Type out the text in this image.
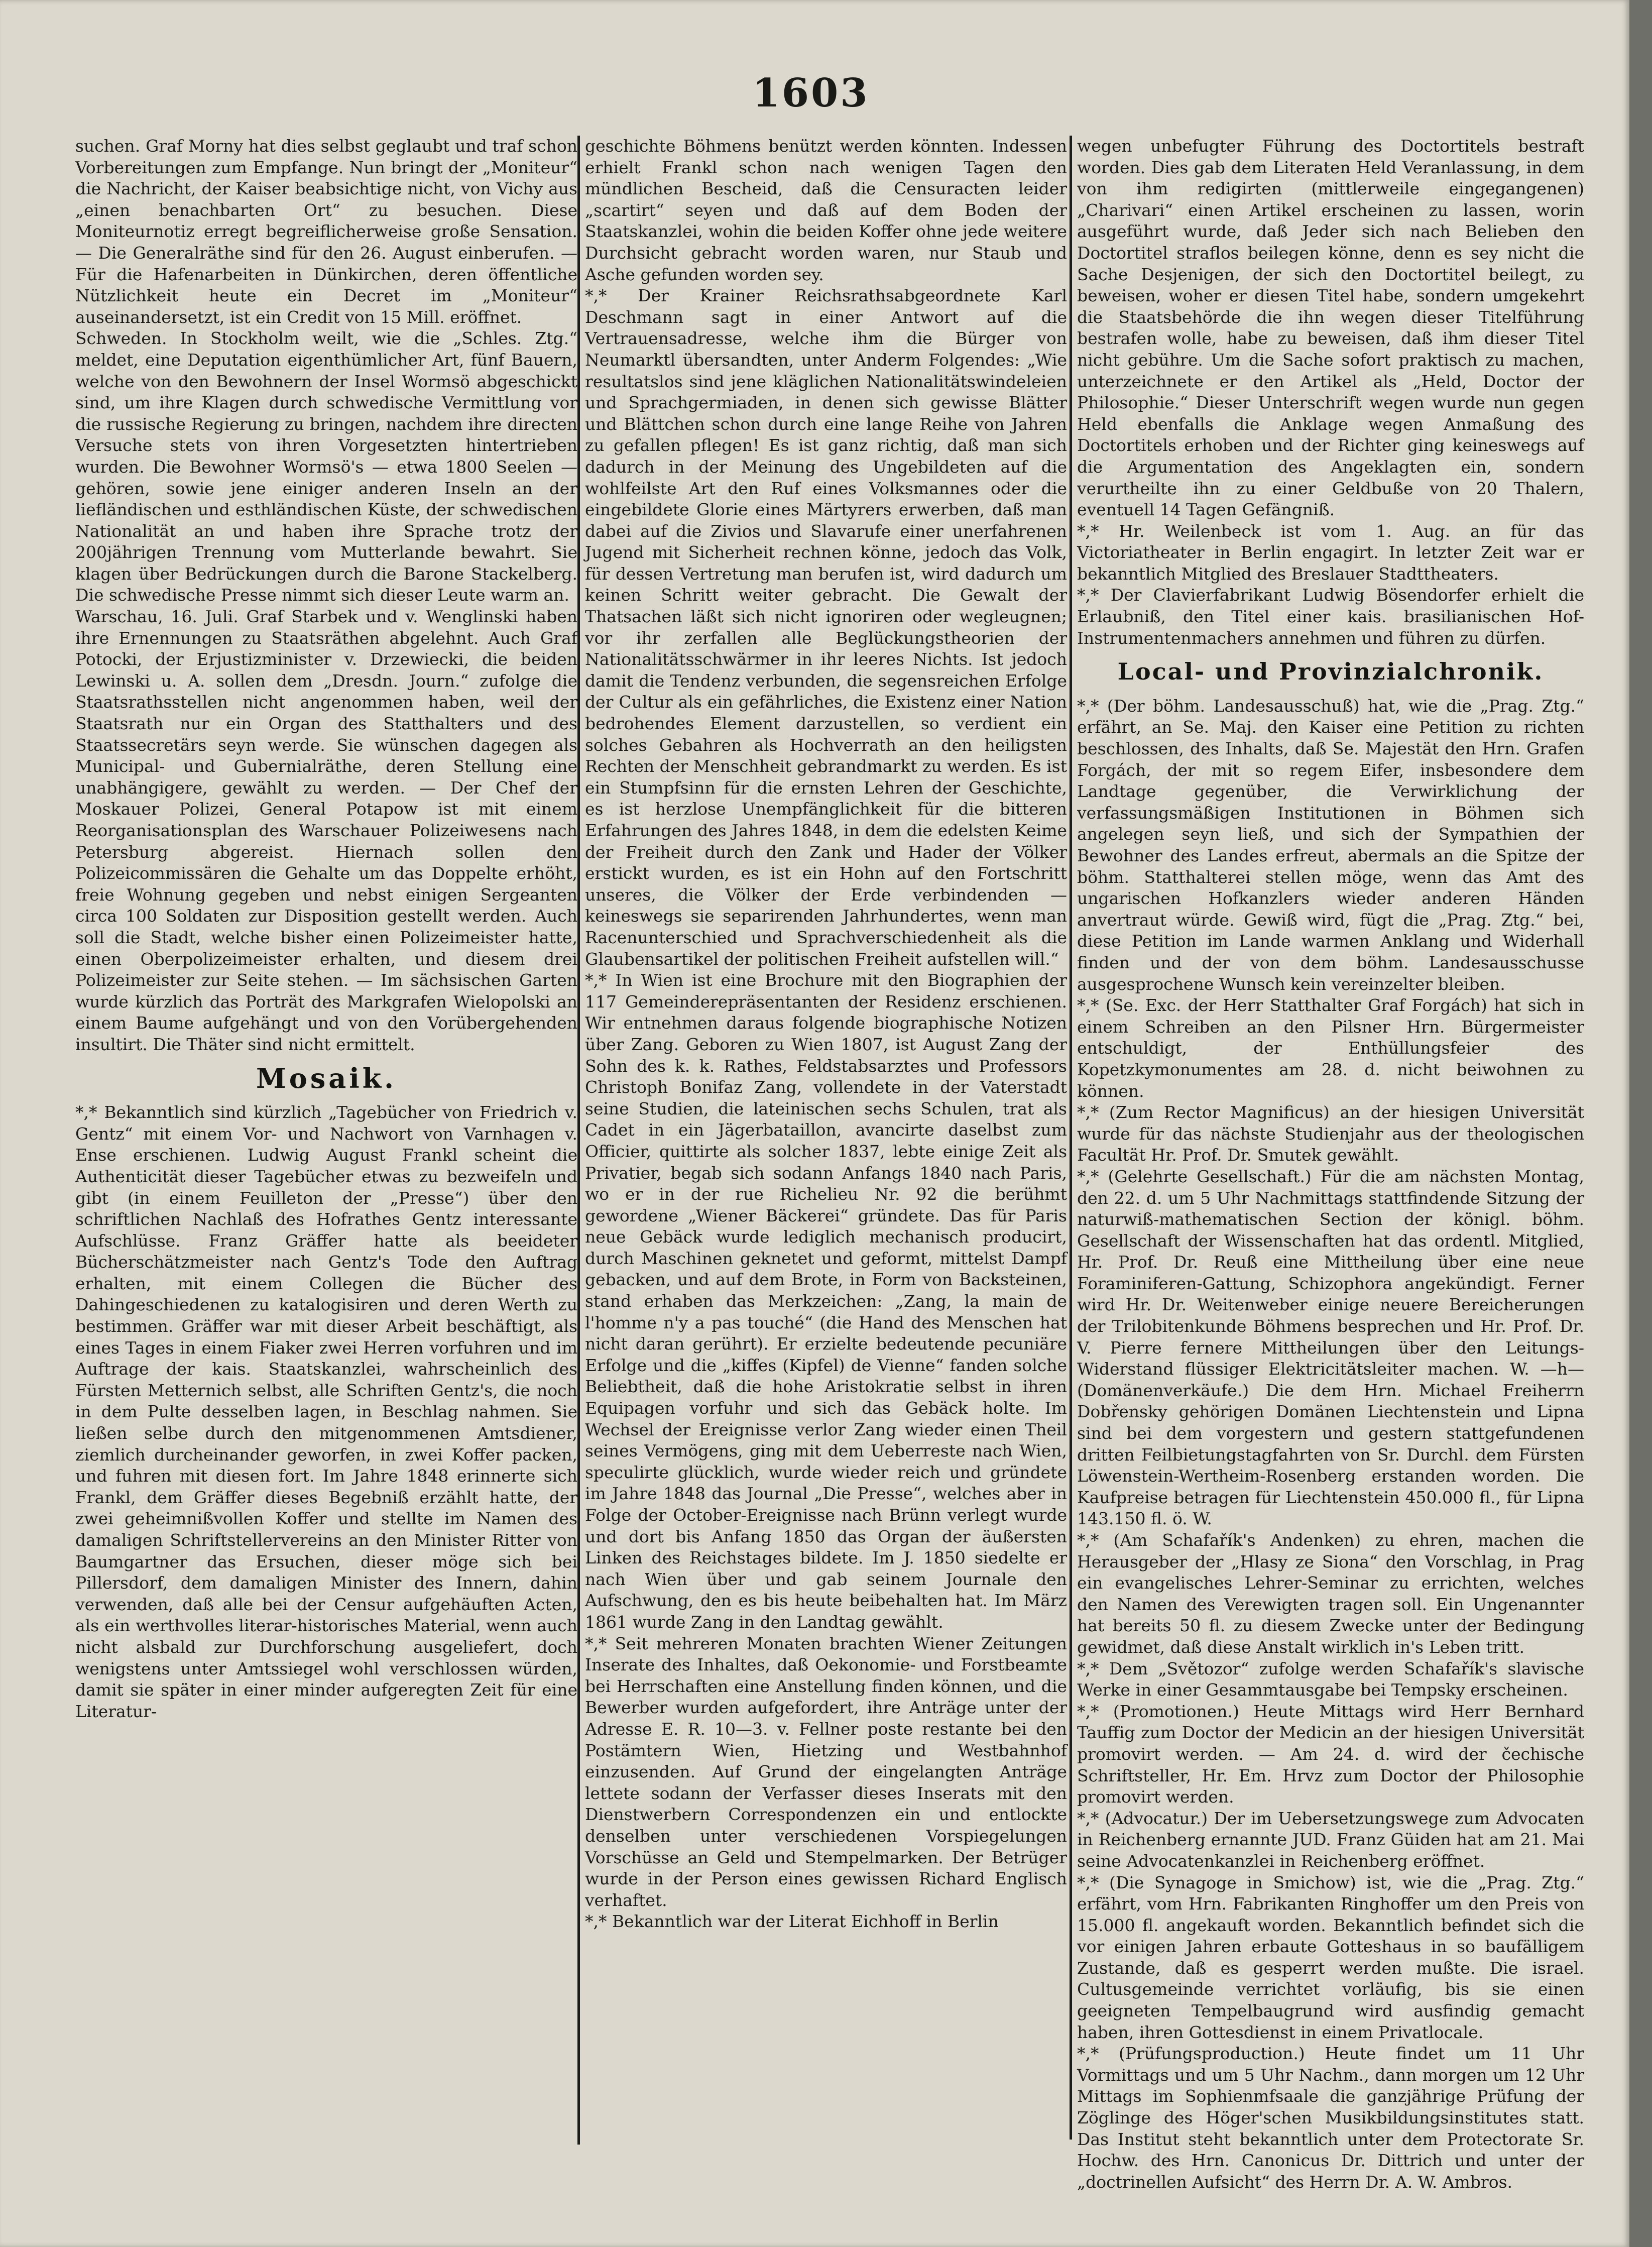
1603

suchen. Graf Morny hat dies selbst geglaubt und traf schon Vorbereitungen zum Empfange. Nun bringt der „Moniteur“ die Nachricht, der Kaiser beabsichtige nicht, von Vichy aus „einen benachbarten Ort“ zu besuchen. Diese Moniteurnotiz erregt begreiflicherweise große Sensation. — Die Generalräthe sind für den 26. August einberufen. — Für die Hafenarbeiten in Dünkirchen, deren öffentliche Nützlichkeit heute ein Decret im „Moniteur“ auseinandersetzt, ist ein Credit von 15 Mill. eröffnet.

Schweden. In Stockholm weilt, wie die „Schles. Ztg.“ meldet, eine Deputation eigenthümlicher Art, fünf Bauern, welche von den Bewohnern der Insel Wormsö abgeschickt sind, um ihre Klagen durch schwedische Vermittlung vor die russische Regierung zu bringen, nachdem ihre directen Versuche stets von ihren Vorgesetzten hintertrieben wurden. Die Bewohner Wormsö's — etwa 1800 Seelen — gehören, sowie jene einiger anderen Inseln an der liefländischen und esthländischen Küste, der schwedischen Nationalität an und haben ihre Sprache trotz der 200jährigen Trennung vom Mutterlande bewahrt. Sie klagen über Bedrückungen durch die Barone Stackelberg. Die schwedische Presse nimmt sich dieser Leute warm an.

Warschau, 16. Juli. Graf Starbek und v. Wenglinski haben ihre Ernennungen zu Staatsräthen abgelehnt. Auch Graf Potocki, der Erjustizminister v. Drzewiecki, die beiden Lewinski u. A. sollen dem „Dresdn. Journ.“ zufolge die Staatsrathsstellen nicht angenommen haben, weil der Staatsrath nur ein Organ des Statthalters und des Staatssecretärs seyn werde. Sie wünschen dagegen als Municipal- und Gubernialräthe, deren Stellung eine unabhängigere, gewählt zu werden. — Der Chef der Moskauer Polizei, General Potapow ist mit einem Reorganisationsplan des Warschauer Polizeiwesens nach Petersburg abgereist. Hiernach sollen den Polizeicommissären die Gehalte um das Doppelte erhöht, freie Wohnung gegeben und nebst einigen Sergeanten circa 100 Soldaten zur Disposition gestellt werden. Auch soll die Stadt, welche bisher einen Polizeimeister hatte, einen Oberpolizeimeister erhalten, und diesem drei Polizeimeister zur Seite stehen. — Im sächsischen Garten wurde kürzlich das Porträt des Markgrafen Wielopolski an einem Baume aufgehängt und von den Vorübergehenden insultirt. Die Thäter sind nicht ermittelt.

Mosaik.

*,* Bekanntlich sind kürzlich „Tagebücher von Friedrich v. Gentz“ mit einem Vor- und Nachwort von Varnhagen v. Ense erschienen. Ludwig August Frankl scheint die Authenticität dieser Tagebücher etwas zu bezweifeln und gibt (in einem Feuilleton der „Presse“) über den schriftlichen Nachlaß des Hofrathes Gentz interessante Aufschlüsse. Franz Gräffer hatte als beeideter Bücherschätzmeister nach Gentz's Tode den Auftrag erhalten, mit einem Collegen die Bücher des Dahingeschiedenen zu katalogisiren und deren Werth zu bestimmen. Gräffer war mit dieser Arbeit beschäftigt, als eines Tages in einem Fiaker zwei Herren vorfuhren und im Auftrage der kais. Staatskanzlei, wahrscheinlich des Fürsten Metternich selbst, alle Schriften Gentz's, die noch in dem Pulte desselben lagen, in Beschlag nahmen. Sie ließen selbe durch den mitgenommenen Amtsdiener, ziemlich durcheinander geworfen, in zwei Koffer packen, und fuhren mit diesen fort. Im Jahre 1848 erinnerte sich Frankl, dem Gräffer dieses Begebniß erzählt hatte, der zwei geheimnißvollen Koffer und stellte im Namen des damaligen Schriftstellervereins an den Minister Ritter von Baumgartner das Ersuchen, dieser möge sich bei Pillersdorf, dem damaligen Minister des Innern, dahin verwenden, daß alle bei der Censur aufgehäuften Acten, als ein werthvolles literar-historisches Material, wenn auch nicht alsbald zur Durchforschung ausgeliefert, doch wenigstens unter Amtssiegel wohl verschlossen würden, damit sie später in einer minder aufgeregten Zeit für eine Literatur-

geschichte Böhmens benützt werden könnten. Indessen erhielt Frankl schon nach wenigen Tagen den mündlichen Bescheid, daß die Censuracten leider „scartirt“ seyen und daß auf dem Boden der Staatskanzlei, wohin die beiden Koffer ohne jede weitere Durchsicht gebracht worden waren, nur Staub und Asche gefunden worden sey.

*,* Der Krainer Reichsrathsabgeordnete Karl Deschmann sagt in einer Antwort auf die Vertrauensadresse, welche ihm die Bürger von Neumarktl übersandten, unter Anderm Folgendes: „Wie resultatslos sind jene kläglichen Nationalitätswindeleien und Sprachgermiaden, in denen sich gewisse Blätter und Blättchen schon durch eine lange Reihe von Jahren zu gefallen pflegen! Es ist ganz richtig, daß man sich dadurch in der Meinung des Ungebildeten auf die wohlfeilste Art den Ruf eines Volksmannes oder die eingebildete Glorie eines Märtyrers erwerben, daß man dabei auf die Zivios und Slavarufe einer unerfahrenen Jugend mit Sicherheit rechnen könne, jedoch das Volk, für dessen Vertretung man berufen ist, wird dadurch um keinen Schritt weiter gebracht. Die Gewalt der Thatsachen läßt sich nicht ignoriren oder wegleugnen; vor ihr zerfallen alle Beglückungstheorien der Nationalitätsschwärmer in ihr leeres Nichts. Ist jedoch damit die Tendenz verbunden, die segensreichen Erfolge der Cultur als ein gefährliches, die Existenz einer Nation bedrohendes Element darzustellen, so verdient ein solches Gebahren als Hochverrath an den heiligsten Rechten der Menschheit gebrandmarkt zu werden. Es ist ein Stumpfsinn für die ernsten Lehren der Geschichte, es ist herzlose Unempfänglichkeit für die bitteren Erfahrungen des Jahres 1848, in dem die edelsten Keime der Freiheit durch den Zank und Hader der Völker erstickt wurden, es ist ein Hohn auf den Fortschritt unseres, die Völker der Erde verbindenden — keineswegs sie separirenden Jahrhundertes, wenn man Racenunterschied und Sprachverschiedenheit als die Glaubensartikel der politischen Freiheit aufstellen will.“

*,* In Wien ist eine Brochure mit den Biographien der 117 Gemeinderepräsentanten der Residenz erschienen. Wir entnehmen daraus folgende biographische Notizen über Zang. Geboren zu Wien 1807, ist August Zang der Sohn des k. k. Rathes, Feldstabsarztes und Professors Christoph Bonifaz Zang, vollendete in der Vaterstadt seine Studien, die lateinischen sechs Schulen, trat als Cadet in ein Jägerbataillon, avancirte daselbst zum Officier, quittirte als solcher 1837, lebte einige Zeit als Privatier, begab sich sodann Anfangs 1840 nach Paris, wo er in der rue Richelieu Nr. 92 die berühmt gewordene „Wiener Bäckerei“ gründete. Das für Paris neue Gebäck wurde lediglich mechanisch producirt, durch Maschinen geknetet und geformt, mittelst Dampf gebacken, und auf dem Brote, in Form von Backsteinen, stand erhaben das Merkzeichen: „Zang, la main de l'homme n'y a pas touché“ (die Hand des Menschen hat nicht daran gerührt). Er erzielte bedeutende pecuniäre Erfolge und die „kiffes (Kipfel) de Vienne“ fanden solche Beliebtheit, daß die hohe Aristokratie selbst in ihren Equipagen vorfuhr und sich das Gebäck holte. Im Wechsel der Ereignisse verlor Zang wieder einen Theil seines Vermögens, ging mit dem Ueberreste nach Wien, speculirte glücklich, wurde wieder reich und gründete im Jahre 1848 das Journal „Die Presse“, welches aber in Folge der October-Ereignisse nach Brünn verlegt wurde und dort bis Anfang 1850 das Organ der äußersten Linken des Reichstages bildete. Im J. 1850 siedelte er nach Wien über und gab seinem Journale den Aufschwung, den es bis heute beibehalten hat. Im März 1861 wurde Zang in den Landtag gewählt.

*,* Seit mehreren Monaten brachten Wiener Zeitungen Inserate des Inhaltes, daß Oekonomie- und Forstbeamte bei Herrschaften eine Anstellung finden können, und die Bewerber wurden aufgefordert, ihre Anträge unter der Adresse E. R. 10—3. v. Fellner poste restante bei den Postämtern Wien, Hietzing und Westbahnhof einzusenden. Auf Grund der eingelangten Anträge lettete sodann der Verfasser dieses Inserats mit den Dienstwerbern Correspondenzen ein und entlockte denselben unter verschiedenen Vorspiegelungen Vorschüsse an Geld und Stempelmarken. Der Betrüger wurde in der Person eines gewissen Richard Englisch verhaftet.

*,* Bekanntlich war der Literat Eichhoff in Berlin

wegen unbefugter Führung des Doctortitels bestraft worden. Dies gab dem Literaten Held Veranlassung, in dem von ihm redigirten (mittlerweile eingegangenen) „Charivari“ einen Artikel erscheinen zu lassen, worin ausgeführt wurde, daß Jeder sich nach Belieben den Doctortitel straflos beilegen könne, denn es sey nicht die Sache Desjenigen, der sich den Doctortitel beilegt, zu beweisen, woher er diesen Titel habe, sondern umgekehrt die Staatsbehörde die ihn wegen dieser Titelführung bestrafen wolle, habe zu beweisen, daß ihm dieser Titel nicht gebühre. Um die Sache sofort praktisch zu machen, unterzeichnete er den Artikel als „Held, Doctor der Philosophie.“ Dieser Unterschrift wegen wurde nun gegen Held ebenfalls die Anklage wegen Anmaßung des Doctortitels erhoben und der Richter ging keineswegs auf die Argumentation des Angeklagten ein, sondern verurtheilte ihn zu einer Geldbuße von 20 Thalern, eventuell 14 Tagen Gefängniß.

*,* Hr. Weilenbeck ist vom 1. Aug. an für das Victoriatheater in Berlin engagirt. In letzter Zeit war er bekanntlich Mitglied des Breslauer Stadttheaters.

*,* Der Clavierfabrikant Ludwig Bösendorfer erhielt die Erlaubniß, den Titel einer kais. brasilianischen Hof-Instrumentenmachers annehmen und führen zu dürfen.

Local- und Provinzialchronik.

*,* (Der böhm. Landesausschuß) hat, wie die „Prag. Ztg.“ erfährt, an Se. Maj. den Kaiser eine Petition zu richten beschlossen, des Inhalts, daß Se. Majestät den Hrn. Grafen Forgách, der mit so regem Eifer, insbesondere dem Landtage gegenüber, die Verwirklichung der verfassungsmäßigen Institutionen in Böhmen sich angelegen seyn ließ, und sich der Sympathien der Bewohner des Landes erfreut, abermals an die Spitze der böhm. Statthalterei stellen möge, wenn das Amt des ungarischen Hofkanzlers wieder anderen Händen anvertraut würde. Gewiß wird, fügt die „Prag. Ztg.“ bei, diese Petition im Lande warmen Anklang und Widerhall finden und der von dem böhm. Landesausschusse ausgesprochene Wunsch kein vereinzelter bleiben.

*,* (Se. Exc. der Herr Statthalter Graf Forgách) hat sich in einem Schreiben an den Pilsner Hrn. Bürgermeister entschuldigt, der Enthüllungsfeier des Kopetzkymonumentes am 28. d. nicht beiwohnen zu können.

*,* (Zum Rector Magnificus) an der hiesigen Universität wurde für das nächste Studienjahr aus der theologischen Facultät Hr. Prof. Dr. Smutek gewählt.

*,* (Gelehrte Gesellschaft.) Für die am nächsten Montag, den 22. d. um 5 Uhr Nachmittags stattfindende Sitzung der naturwiß-mathematischen Section der königl. böhm. Gesellschaft der Wissenschaften hat das ordentl. Mitglied, Hr. Prof. Dr. Reuß eine Mittheilung über eine neue Foraminiferen-Gattung, Schizophora angekündigt. Ferner wird Hr. Dr. Weitenweber einige neuere Bereicherungen der Trilobitenkunde Böhmens besprechen und Hr. Prof. Dr. V. Pierre fernere Mittheilungen über den Leitungs-Widerstand flüssiger Elektricitätsleiter machen. W. —h— (Domänenverkäufe.) Die dem Hrn. Michael Freiherrn Dobřensky gehörigen Domänen Liechtenstein und Lipna sind bei dem vorgestern und gestern stattgefundenen dritten Feilbietungstagfahrten von Sr. Durchl. dem Fürsten Löwenstein-Wertheim-Rosenberg erstanden worden. Die Kaufpreise betragen für Liechtenstein 450.000 fl., für Lipna 143.150 fl. ö. W.

*,* (Am Schafařík's Andenken) zu ehren, machen die Herausgeber der „Hlasy ze Siona“ den Vorschlag, in Prag ein evangelisches Lehrer-Seminar zu errichten, welches den Namen des Verewigten tragen soll. Ein Ungenannter hat bereits 50 fl. zu diesem Zwecke unter der Bedingung gewidmet, daß diese Anstalt wirklich in's Leben tritt.

*,* Dem „Světozor“ zufolge werden Schafařík's slavische Werke in einer Gesammtausgabe bei Tempsky erscheinen.

*,* (Promotionen.) Heute Mittags wird Herr Bernhard Tauffig zum Doctor der Medicin an der hiesigen Universität promovirt werden. — Am 24. d. wird der čechische Schriftsteller, Hr. Em. Hrvz zum Doctor der Philosophie promovirt werden.

*,* (Advocatur.) Der im Uebersetzungswege zum Advocaten in Reichenberg ernannte JUD. Franz Güiden hat am 21. Mai seine Advocatenkanzlei in Reichenberg eröffnet.

*,* (Die Synagoge in Smichow) ist, wie die „Prag. Ztg.“ erfährt, vom Hrn. Fabrikanten Ringhoffer um den Preis von 15.000 fl. angekauft worden. Bekanntlich befindet sich die vor einigen Jahren erbaute Gotteshaus in so baufälligem Zustande, daß es gesperrt werden mußte. Die israel. Cultusgemeinde verrichtet vorläufig, bis sie einen geeigneten Tempelbaugrund wird ausfindig gemacht haben, ihren Gottesdienst in einem Privatlocale.

*,* (Prüfungsproduction.) Heute findet um 11 Uhr Vormittags und um 5 Uhr Nachm., dann morgen um 12 Uhr Mittags im Sophienmfsaale die ganzjährige Prüfung der Zöglinge des Höger'schen Musikbildungsinstitutes statt. Das Institut steht bekanntlich unter dem Protectorate Sr. Hochw. des Hrn. Canonicus Dr. Dittrich und unter der „doctrinellen Aufsicht“ des Herrn Dr. A. W. Ambros.
